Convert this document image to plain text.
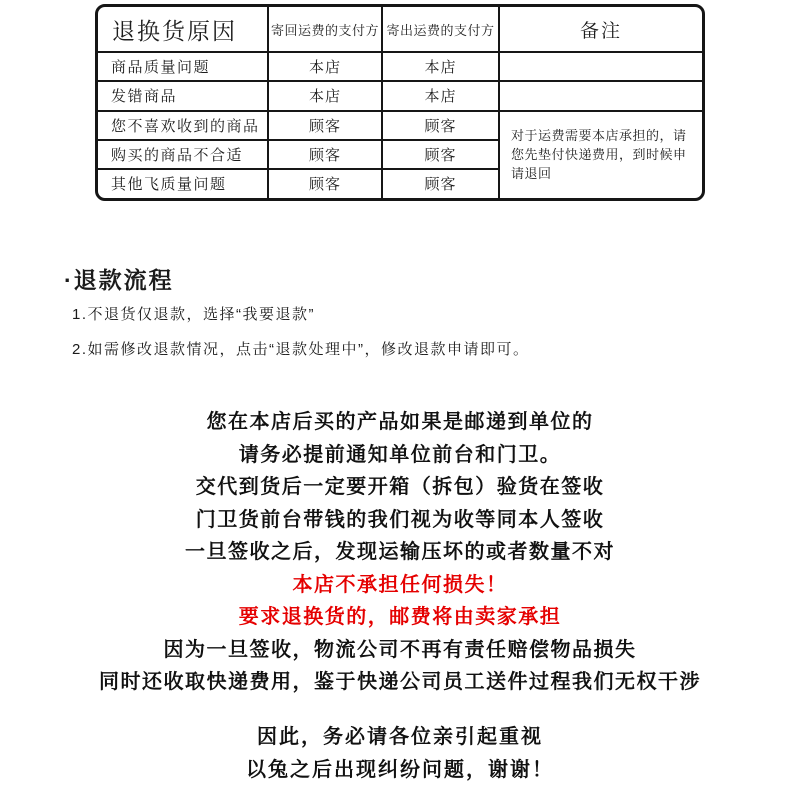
退换货原因	寄回运费的支付方	寄出运费的支付方	备注
商品质量问题	本店	本店	
发错商品	本店	本店	
您不喜欢收到的商品	顾客	顾客	对于运费需要本店承担的，请您先垫付快递费用，到时候申请退回
购买的商品不合适	顾客	顾客	
其他飞质量问题	顾客	顾客	
·退款流程
1.不退货仅退款，选择“我要退款”
2.如需修改退款情况，点击“退款处理中”，修改退款申请即可。
您在本店后买的产品如果是邮递到单位的
请务必提前通知单位前台和门卫。
交代到货后一定要开箱（拆包）验货在签收
门卫货前台带钱的我们视为收等同本人签收
一旦签收之后，发现运输压坏的或者数量不对
本店不承担任何损失！
要求退换货的，邮费将由卖家承担
因为一旦签收，物流公司不再有责任赔偿物品损失
同时还收取快递费用，鉴于快递公司员工送件过程我们无权干涉
因此，务必请各位亲引起重视
以兔之后出现纠纷问题，谢谢！
